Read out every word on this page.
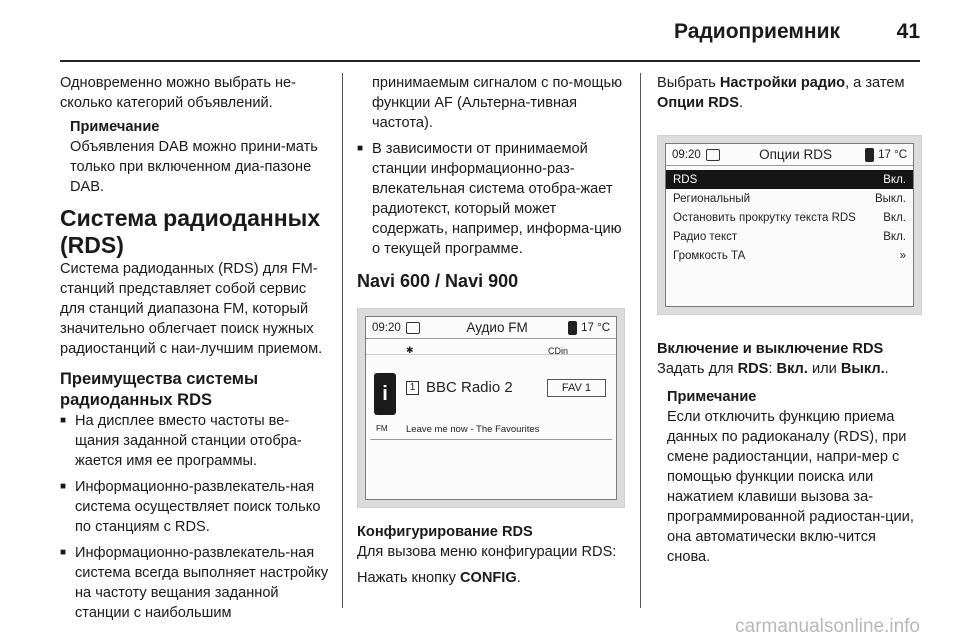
Радиоприемник	41

Одновременно можно выбрать не-сколько категорий объявлений.

Примечание

Объявления DAB можно прини-мать только при включенном диа-пазоне DAB.

Система радиоданных (RDS)

Система радиоданных (RDS) для FM-станций представляет собой сервис для станций диапазона FM, который значительно облегчает поиск нужных радиостанций с наи-лучшим приемом.

Преимущества системы радиоданных RDS
■ На дисплее вместо частоты ве-щания заданной станции отобра-жается имя ее программы.
■ Информационно-развлекатель-ная система осуществляет поиск только по станциям с RDS.
■ Информационно-развлекатель-ная система всегда выполняет настройку на частоту вещания заданной станции с наибольшим

принимаемым сигналом с по-мощью функции AF (Альтерна-тивная частота).

■ В зависимости от принимаемой станции информационно-раз-влекательная система отобра-жает радиотекст, который может содержать, например, информа-цию о текущей программе.
Navi 600 / Navi 900
09:20	Аудио FM	17 °C
✱	CDin
i
FM
1 BBC Radio 2	FAV 1
Leave me now - The Favourites
Конфигурирование RDS

Для вызова меню конфигурации RDS:

Нажать кнопку CONFIG.

Выбрать Настройки радио, а затем Опции RDS.

09:20	Опции RDS	17 °C
RDS	Вкл.
Региональный	Выкл.
Остановить прокрутку текста RDS Вкл.
Радио текст	Вкл.
Громкость ТА	»
Включение и выключение RDS

Задать для RDS: Вкл. или Выкл..

Примечание

Если отключить функцию приема данных по радиоканалу (RDS), при смене радиостанции, напри-мер с помощью функции поиска или нажатием клавиши вызова за-программированной радиостан-ции, она автоматически вклю-чится снова.

carmanualsonline.info
